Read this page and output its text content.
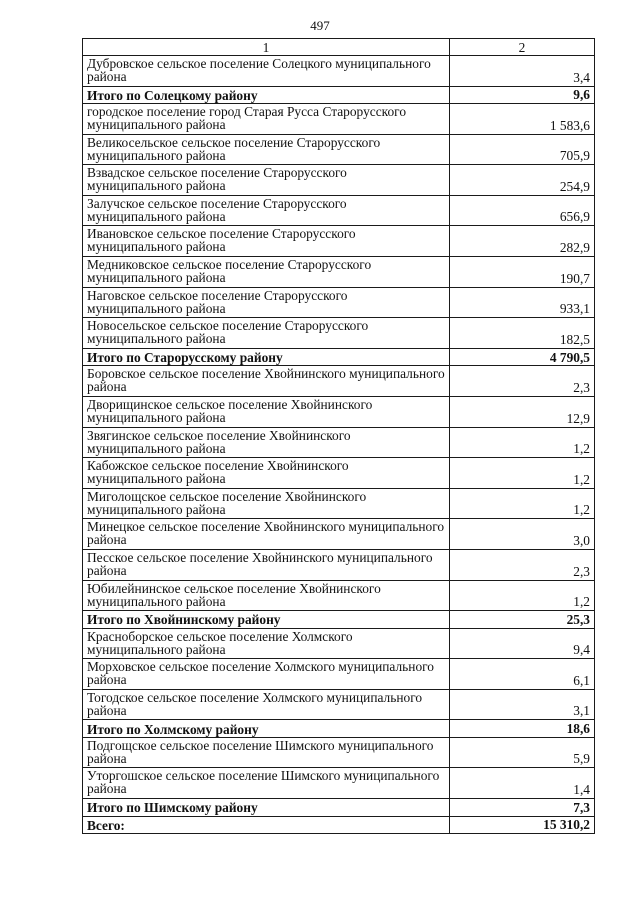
497
1	2
Дубровское сельское поселение Солецкого муниципального района	3,4
Итого по Солецкому району	9,6
городское поселение город Старая Русса Старорусского муниципального района	1 583,6
Великосельское сельское поселение Старорусского муниципального района	705,9
Взвадское сельское поселение Старорусского муниципального района	254,9
Залучское сельское поселение Старорусского муниципального района	656,9
Ивановское сельское поселение Старорусского муниципального района	282,9
Медниковское сельское поселение Старорусского муниципального района	190,7
Наговское сельское поселение Старорусского муниципального района	933,1
Новосельское сельское поселение Старорусского муниципального района	182,5
Итого по Старорусскому району	4 790,5
Боровское сельское поселение Хвойнинского муниципального района	2,3
Дворищинское сельское поселение Хвойнинского муниципального района	12,9
Звягинское сельское поселение Хвойнинского муниципального района	1,2
Кабожское сельское поселение Хвойнинского муниципального района	1,2
Миголощское сельское поселение Хвойнинского муниципального района	1,2
Минецкое сельское поселение Хвойнинского муниципального района	3,0
Песское сельское поселение Хвойнинского муниципального района	2,3
Юбилейнинское сельское поселение Хвойнинского муниципального района	1,2
Итого по Хвойнинскому району	25,3
Красноборское сельское поселение Холмского муниципального района	9,4
Морховское сельское поселение Холмского муниципального района	6,1
Тогодское сельское поселение Холмского муниципального района	3,1
Итого по Холмскому району	18,6
Подгощское сельское поселение Шимского муниципального района	5,9
Уторгошское сельское поселение Шимского муниципального района	1,4
Итого по Шимскому району	7,3
Всего:	15 310,2
